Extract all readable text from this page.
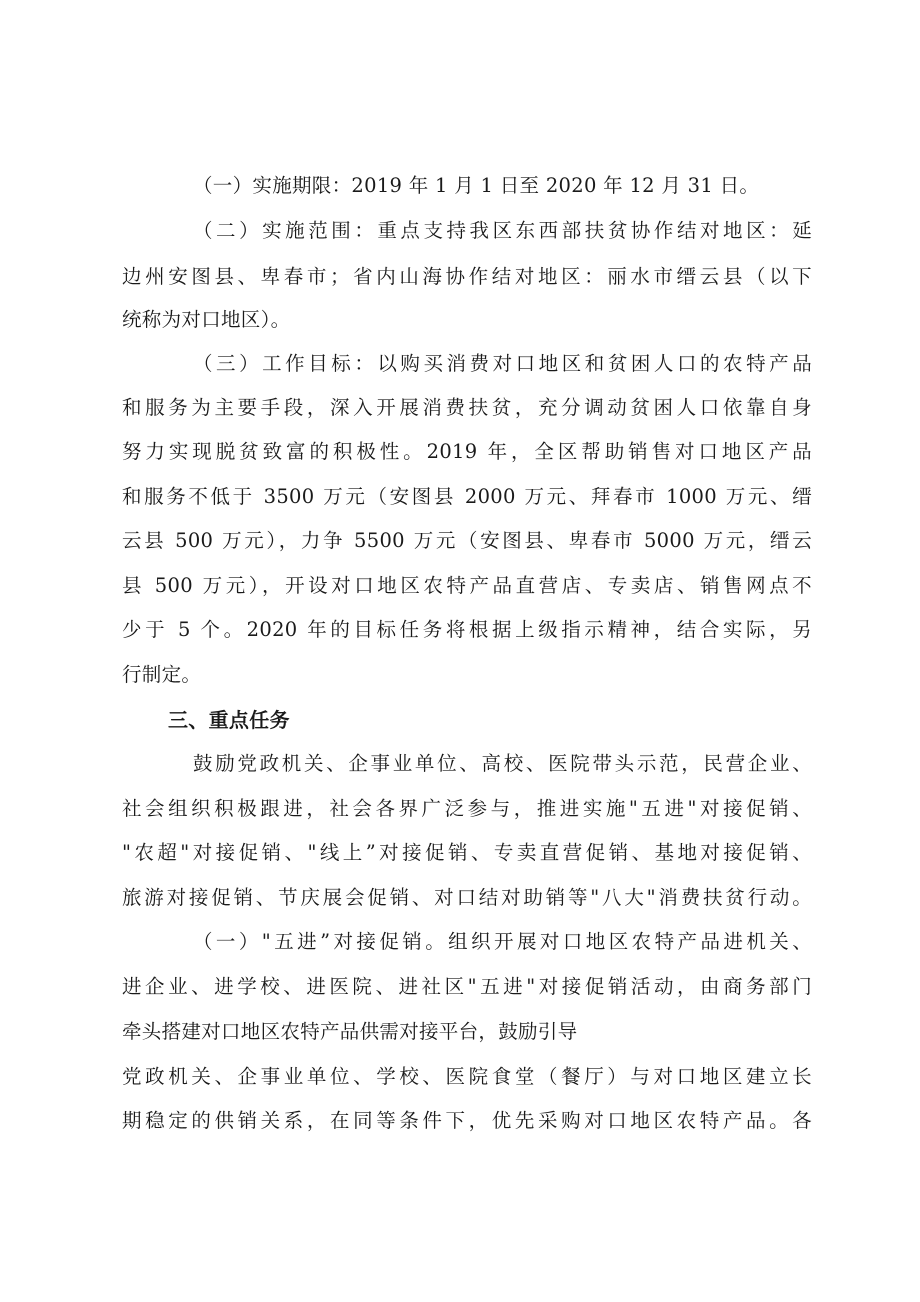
（一）实施期限：2019 年 1 月 1 日至 2020 年 12 月 31 日。
（二）实施范围：重点支持我区东西部扶贫协作结对地区：延
边州安图县、卑春市；省内山海协作结对地区：丽水市缙云县（以下
统称为对口地区）。
（三）工作目标：以购买消费对口地区和贫困人口的农特产品
和服务为主要手段，深入开展消费扶贫，充分调动贫困人口依靠自身
努力实现脱贫致富的积极性。2019 年，全区帮助销售对口地区产品
和服务不低于 3500 万元（安图县 2000 万元、拜春市 1000 万元、缙
云县 500 万元），力争 5500 万元（安图县、卑春市 5000 万元，缙云
县 500 万元），开设对口地区农特产品直营店、专卖店、销售网点不
少于 5 个。2020 年的目标任务将根据上级指示精神，结合实际，另
行制定。
三、重点任务
鼓励党政机关、企事业单位、高校、医院带头示范，民营企业、
社会组织积极跟进，社会各界广泛参与，推进实施"五进"对接促销、
"农超"对接促销、"线上”对接促销、专卖直营促销、基地对接促销、
旅游对接促销、节庆展会促销、对口结对助销等"八大"消费扶贫行动。
（一）"五进”对接促销。组织开展对口地区农特产品进机关、
进企业、进学校、进医院、进社区"五进"对接促销活动，由商务部门
牵头搭建对口地区农特产品供需对接平台，鼓励引导
党政机关、企事业单位、学校、医院食堂（餐厅）与对口地区建立长
期稳定的供销关系，在同等条件下，优先采购对口地区农特产品。各
